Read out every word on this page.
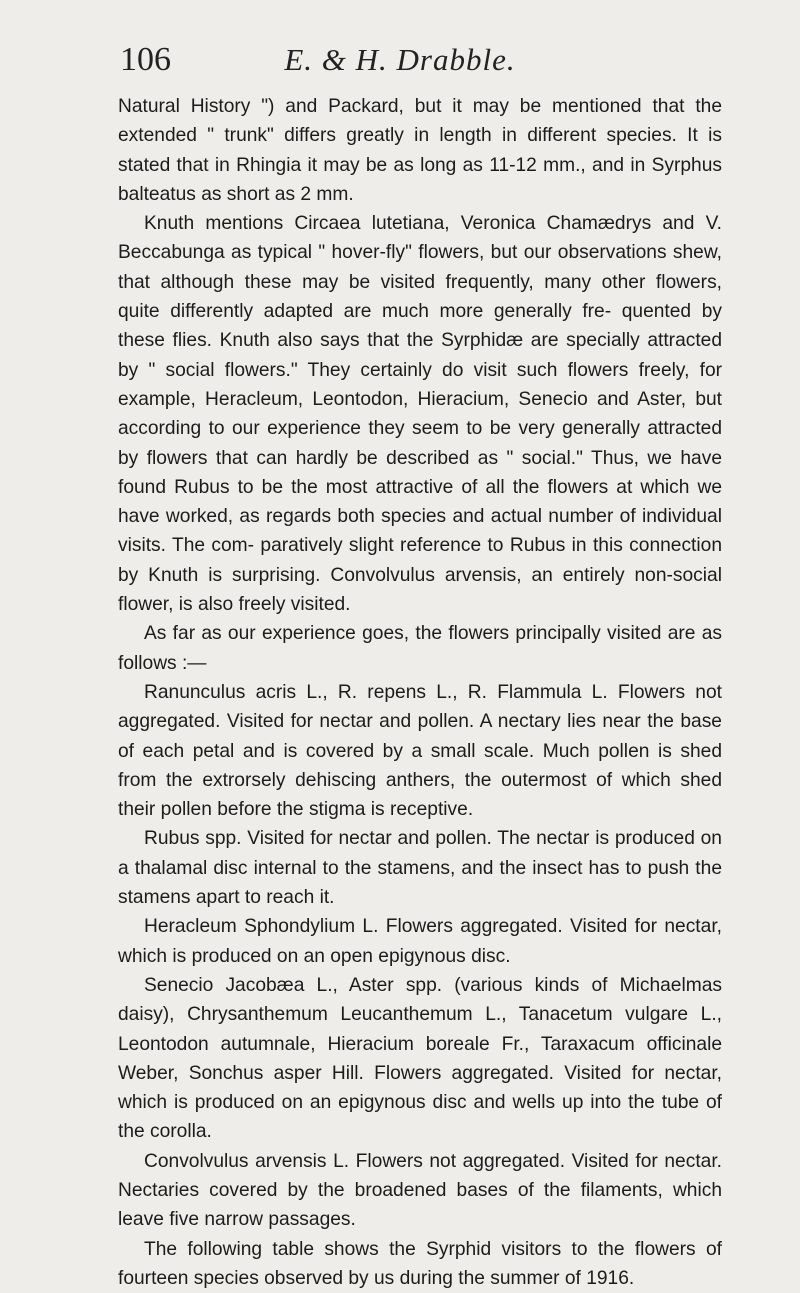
106	E. & H. Drabble.

Natural History ") and Packard, but it may be mentioned that the extended " trunk" differs greatly in length in different species. It is stated that in Rhingia it may be as long as 11-12 mm., and in Syrphus balteatus as short as 2 mm.

Knuth mentions Circaea lutetiana, Veronica Chamædrys and V. Beccabunga as typical " hover-fly" flowers, but our observations shew, that although these may be visited frequently, many other flowers, quite differently adapted are much more generally fre- quented by these flies. Knuth also says that the Syrphidæ are specially attracted by " social flowers." They certainly do visit such flowers freely, for example, Heracleum, Leontodon, Hieracium, Senecio and Aster, but according to our experience they seem to be very generally attracted by flowers that can hardly be described as " social." Thus, we have found Rubus to be the most attractive of all the flowers at which we have worked, as regards both species and actual number of individual visits. The com- paratively slight reference to Rubus in this connection by Knuth is surprising. Convolvulus arvensis, an entirely non-social flower, is also freely visited.

As far as our experience goes, the flowers principally visited are as follows :—

Ranunculus acris L., R. repens L., R. Flammula L. Flowers not aggregated. Visited for nectar and pollen. A nectary lies near the base of each petal and is covered by a small scale. Much pollen is shed from the extrorsely dehiscing anthers, the outermost of which shed their pollen before the stigma is receptive.

Rubus spp. Visited for nectar and pollen. The nectar is produced on a thalamal disc internal to the stamens, and the insect has to push the stamens apart to reach it.

Heracleum Sphondylium L. Flowers aggregated. Visited for nectar, which is produced on an open epigynous disc.

Senecio Jacobæa L., Aster spp. (various kinds of Michaelmas daisy), Chrysanthemum Leucanthemum L., Tanacetum vulgare L., Leontodon autumnale, Hieracium boreale Fr., Taraxacum officinale Weber, Sonchus asper Hill. Flowers aggregated. Visited for nectar, which is produced on an epigynous disc and wells up into the tube of the corolla.

Convolvulus arvensis L. Flowers not aggregated. Visited for nectar. Nectaries covered by the broadened bases of the filaments, which leave five narrow passages.

The following table shows the Syrphid visitors to the flowers of fourteen species observed by us during the summer of 1916.
